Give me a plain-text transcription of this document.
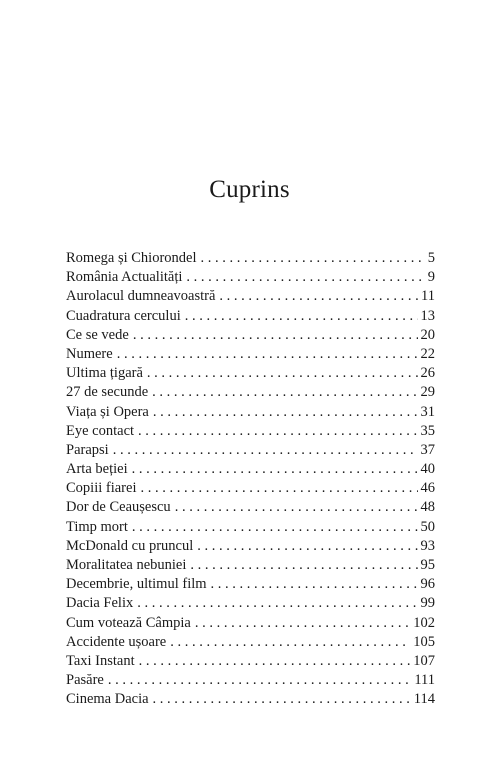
Cuprins
Romega și Chiorondel . . .	5
România Actualități . . .	9
Aurolacul dumneavoastră . . .	11
Cuadratura cercului . . .	13
Ce se vede . . .	20
Numere . . .	22
Ultima țigară . . .	26
27 de secunde . . .	29
Viața și Opera . . .	31
Eye contact . . .	35
Parapsi . . .	37
Arta beției . . .	40
Copiii fiarei . . .	46
Dor de Ceaușescu . . .	48
Timp mort . . .	50
McDonald cu pruncul . . .	93
Moralitatea nebuniei . . .	95
Decembrie, ultimul film . . .	96
Dacia Felix . . .	99
Cum votează Câmpia . . .	102
Accidente ușoare . . .	105
Taxi Instant . . .	107
Pasăre . . .	111
Cinema Dacia . . .	114
